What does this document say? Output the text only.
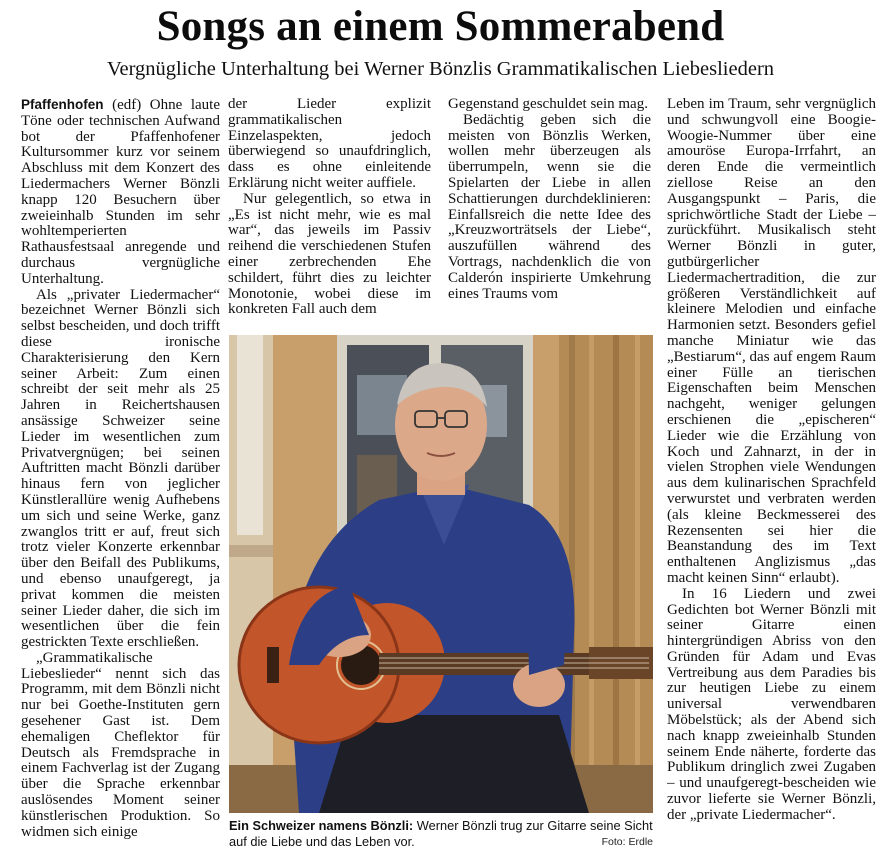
Songs an einem Sommerabend
Vergnügliche Unterhaltung bei Werner Bönzlis Grammatikalischen Liebesliedern

Pfaffenhofen (edf) Ohne laute Töne oder technischen Aufwand bot der Pfaffenhofener Kultursommer kurz vor seinem Abschluss mit dem Konzert des Liedermachers Werner Bönzli knapp 120 Besuchern über zweieinhalb Stunden im sehr wohltemperierten Rathausfestsaal anregende und durchaus vergnügliche Unterhaltung.

Als „privater Liedermacher“ bezeichnet Werner Bönzli sich selbst bescheiden, und doch trifft diese ironische Charakterisierung den Kern seiner Arbeit: Zum einen schreibt der seit mehr als 25 Jahren in Reichertshausen ansässige Schweizer seine Lieder im wesentlichen zum Privatvergnügen; bei seinen Auftritten macht Bönzli darüber hinaus fern von jeglicher Künstlerallüre wenig Aufhebens um sich und seine Werke, ganz zwanglos tritt er auf, freut sich trotz vieler Konzerte erkennbar über den Beifall des Publikums, und ebenso unaufgeregt, ja privat kommen die meisten seiner Lieder daher, die sich im wesentlichen über die fein gestrickten Texte erschließen.

„Grammatikalische Liebeslieder“ nennt sich das Programm, mit dem Bönzli nicht nur bei Goethe-Instituten gern gesehener Gast ist. Dem ehemaligen Cheflektor für Deutsch als Fremdsprache in einem Fachverlag ist der Zugang über die Sprache erkennbar auslösendes Moment seiner künstlerischen Produktion. So widmen sich einige

der Lieder explizit grammatikalischen Einzelaspekten, jedoch überwiegend so unaufdringlich, dass es ohne einleitende Erklärung nicht weiter auffiele.

Nur gelegentlich, so etwa in „Es ist nicht mehr, wie es mal war“, das jeweils im Passiv reihend die verschiedenen Stufen einer zerbrechenden Ehe schildert, führt dies zu leichter Monotonie, wobei diese im konkreten Fall auch dem

Gegenstand geschuldet sein mag.

Bedächtig geben sich die meisten von Bönzlis Werken, wollen mehr überzeugen als überrumpeln, wenn sie die Spielarten der Liebe in allen Schattierungen durchdeklinieren: Einfallsreich die nette Idee des „Kreuzworträtsels der Liebe“, auszufüllen während des Vortrags, nachdenklich die von Calderón inspirierte Umkehrung eines Traums vom

Leben im Traum, sehr vergnüglich und schwungvoll eine Boogie-Woogie-Nummer über eine amouröse Europa-Irrfahrt, an deren Ende die vermeintlich ziellose Reise an den Ausgangspunkt – Paris, die sprichwörtliche Stadt der Liebe – zurückführt. Musikalisch steht Werner Bönzli in guter, gutbürgerlicher Liedermachertradition, die zur größeren Verständlichkeit auf kleinere Melodien und einfache Harmonien setzt. Besonders gefiel manche Miniatur wie das „Bestiarum“, das auf engem Raum einer Fülle an tierischen Eigenschaften beim Menschen nachgeht, weniger gelungen erschienen die „epischeren“ Lieder wie die Erzählung von Koch und Zahnarzt, in der in vielen Strophen viele Wendungen aus dem kulinarischen Sprachfeld verwurstet und verbraten werden (als kleine Beckmesserei des Rezensenten sei hier die Beanstandung des im Text enthaltenen Anglizismus „das macht keinen Sinn“ erlaubt).

In 16 Liedern und zwei Gedichten bot Werner Bönzli mit seiner Gitarre einen hintergründigen Abriss von den Gründen für Adam und Evas Vertreibung aus dem Paradies bis zur heutigen Liebe zu einem universal verwendbaren Möbelstück; als der Abend sich nach knapp zweieinhalb Stunden seinem Ende näherte, forderte das Publikum dringlich zwei Zugaben – und unaufgeregt-bescheiden wie zuvor lieferte sie Werner Bönzli, der „private Liedermacher“.

Ein Schweizer namens Bönzli: Werner Bönzli trug zur Gitarre seine Sicht auf die Liebe und das Leben vor.	Foto: Erdle
